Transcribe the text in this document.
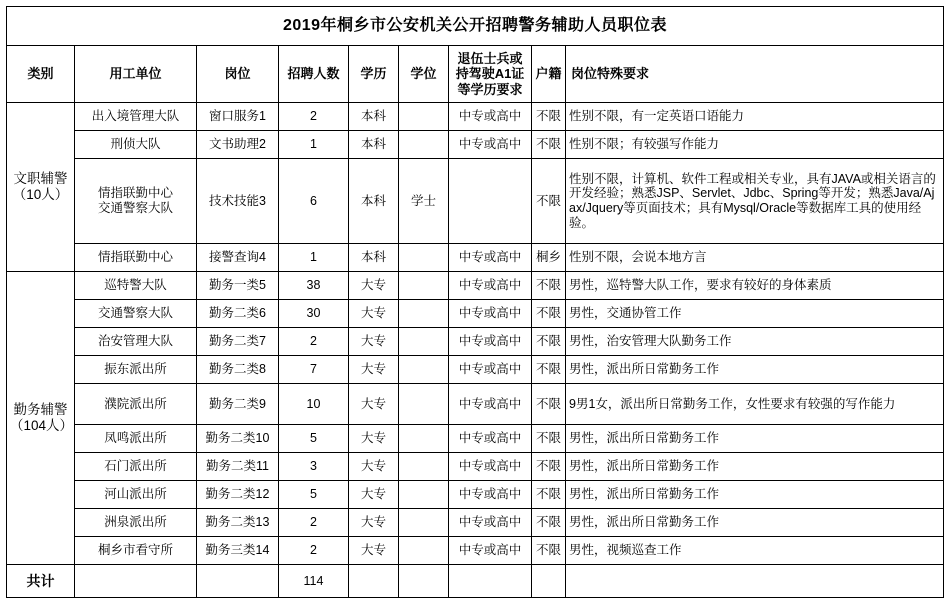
2019年桐乡市公安机关公开招聘警务辅助人员职位表								
类别	用工单位	岗位	招聘人数	学历	学位	退伍士兵或持驾驶A1证等学历要求	户籍	岗位特殊要求
文职辅警
（10人）	出入境管理大队	窗口服务1	2	本科		中专或高中	不限	性别不限，有一定英语口语能力
	刑侦大队	文书助理2	1	本科		中专或高中	不限	性别不限；有较强写作能力
	情指联勤中心
交通警察大队	技术技能3	6	本科	学士		不限	性别不限，计算机、软件工程或相关专业，具有JAVA或相关语言的开发经验；熟悉JSP、Servlet、Jdbc、Spring等开发；熟悉Java/Ajax/Jquery等页面技术；具有Mysql/Oracle等数据库工具的使用经验。
	情指联勤中心	接警查询4	1	本科		中专或高中	桐乡	性别不限，会说本地方言
勤务辅警
（104人）	巡特警大队	勤务一类5	38	大专		中专或高中	不限	男性，巡特警大队工作，要求有较好的身体素质
	交通警察大队	勤务二类6	30	大专		中专或高中	不限	男性，交通协管工作
	治安管理大队	勤务二类7	2	大专		中专或高中	不限	男性，治安管理大队勤务工作
	振东派出所	勤务二类8	7	大专		中专或高中	不限	男性，派出所日常勤务工作
	濮院派出所	勤务二类9	10	大专		中专或高中	不限	9男1女，派出所日常勤务工作，女性要求有较强的写作能力
	凤鸣派出所	勤务二类10	5	大专		中专或高中	不限	男性，派出所日常勤务工作
	石门派出所	勤务二类11	3	大专		中专或高中	不限	男性，派出所日常勤务工作
	河山派出所	勤务二类12	5	大专		中专或高中	不限	男性，派出所日常勤务工作
	洲泉派出所	勤务二类13	2	大专		中专或高中	不限	男性，派出所日常勤务工作
	桐乡市看守所	勤务三类14	2	大专		中专或高中	不限	男性，视频巡查工作
共计			114					
